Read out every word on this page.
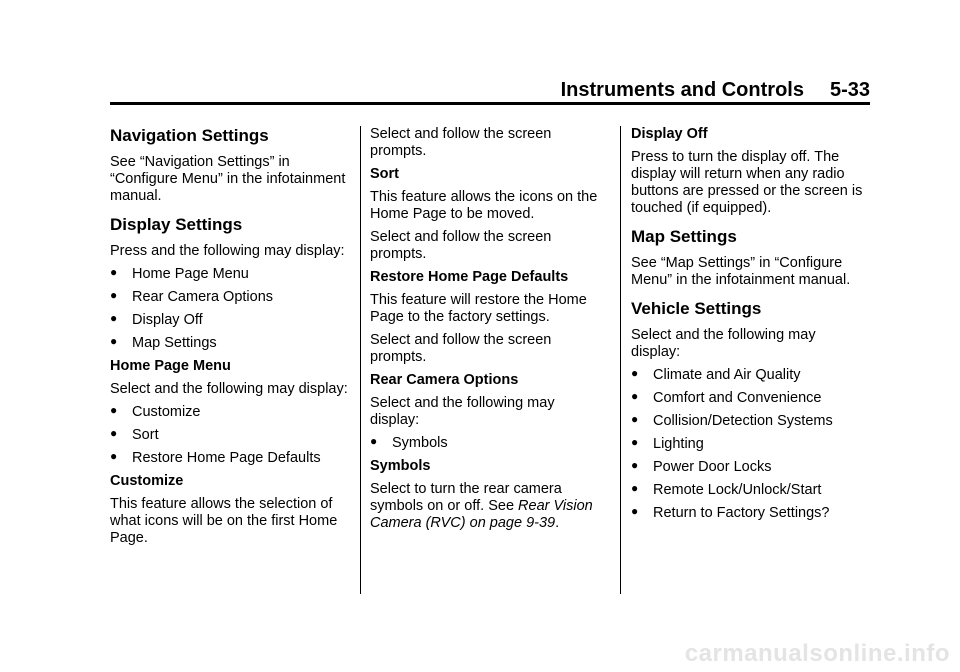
Instruments and Controls 5-33
Navigation Settings

See “Navigation Settings” in “Configure Menu” in the infotainment manual.

Display Settings

Press and the following may display:

● Home Page Menu
● Rear Camera Options
● Display Off
● Map Settings

Home Page Menu

Select and the following may display:

● Customize
● Sort
● Restore Home Page Defaults

Customize

This feature allows the selection of what icons will be on the first Home Page.

Select and follow the screen prompts.

Sort

This feature allows the icons on the Home Page to be moved.

Select and follow the screen prompts.

Restore Home Page Defaults

This feature will restore the Home Page to the factory settings.

Select and follow the screen prompts.

Rear Camera Options

Select and the following may display:

● Symbols

Symbols

Select to turn the rear camera symbols on or off. See Rear Vision Camera (RVC) on page 9-39.

Display Off

Press to turn the display off. The display will return when any radio buttons are pressed or the screen is touched (if equipped).

Map Settings

See “Map Settings” in “Configure Menu” in the infotainment manual.

Vehicle Settings

Select and the following may display:

● Climate and Air Quality
● Comfort and Convenience
● Collision/Detection Systems
● Lighting
● Power Door Locks
● Remote Lock/Unlock/Start
● Return to Factory Settings?
carmanualsonline.info
